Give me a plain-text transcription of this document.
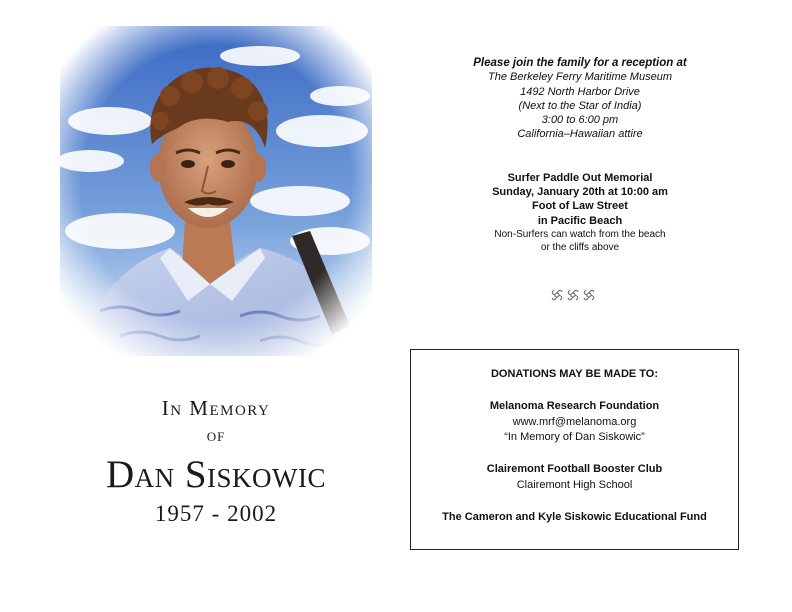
In Memory
of
Dan Siskowic
1957 - 2002
Please join the family for a reception at
The Berkeley Ferry Maritime Museum
1492 North Harbor Drive
(Next to the Star of India)
3:00 to 6:00 pm
California–Hawaiian attire
Surfer Paddle Out Memorial
Sunday, January 20th at 10:00 am
Foot of Law Street
in Pacific Beach
Non-Surfers can watch from the beach
or the cliffs above
DONATIONS MAY BE MADE TO:
Melanoma Research Foundation
www.mrf@melanoma.org
“In Memory of Dan Siskowic”
Clairemont Football Booster Club
Clairemont High School
The Cameron and Kyle Siskowic Educational Fund
